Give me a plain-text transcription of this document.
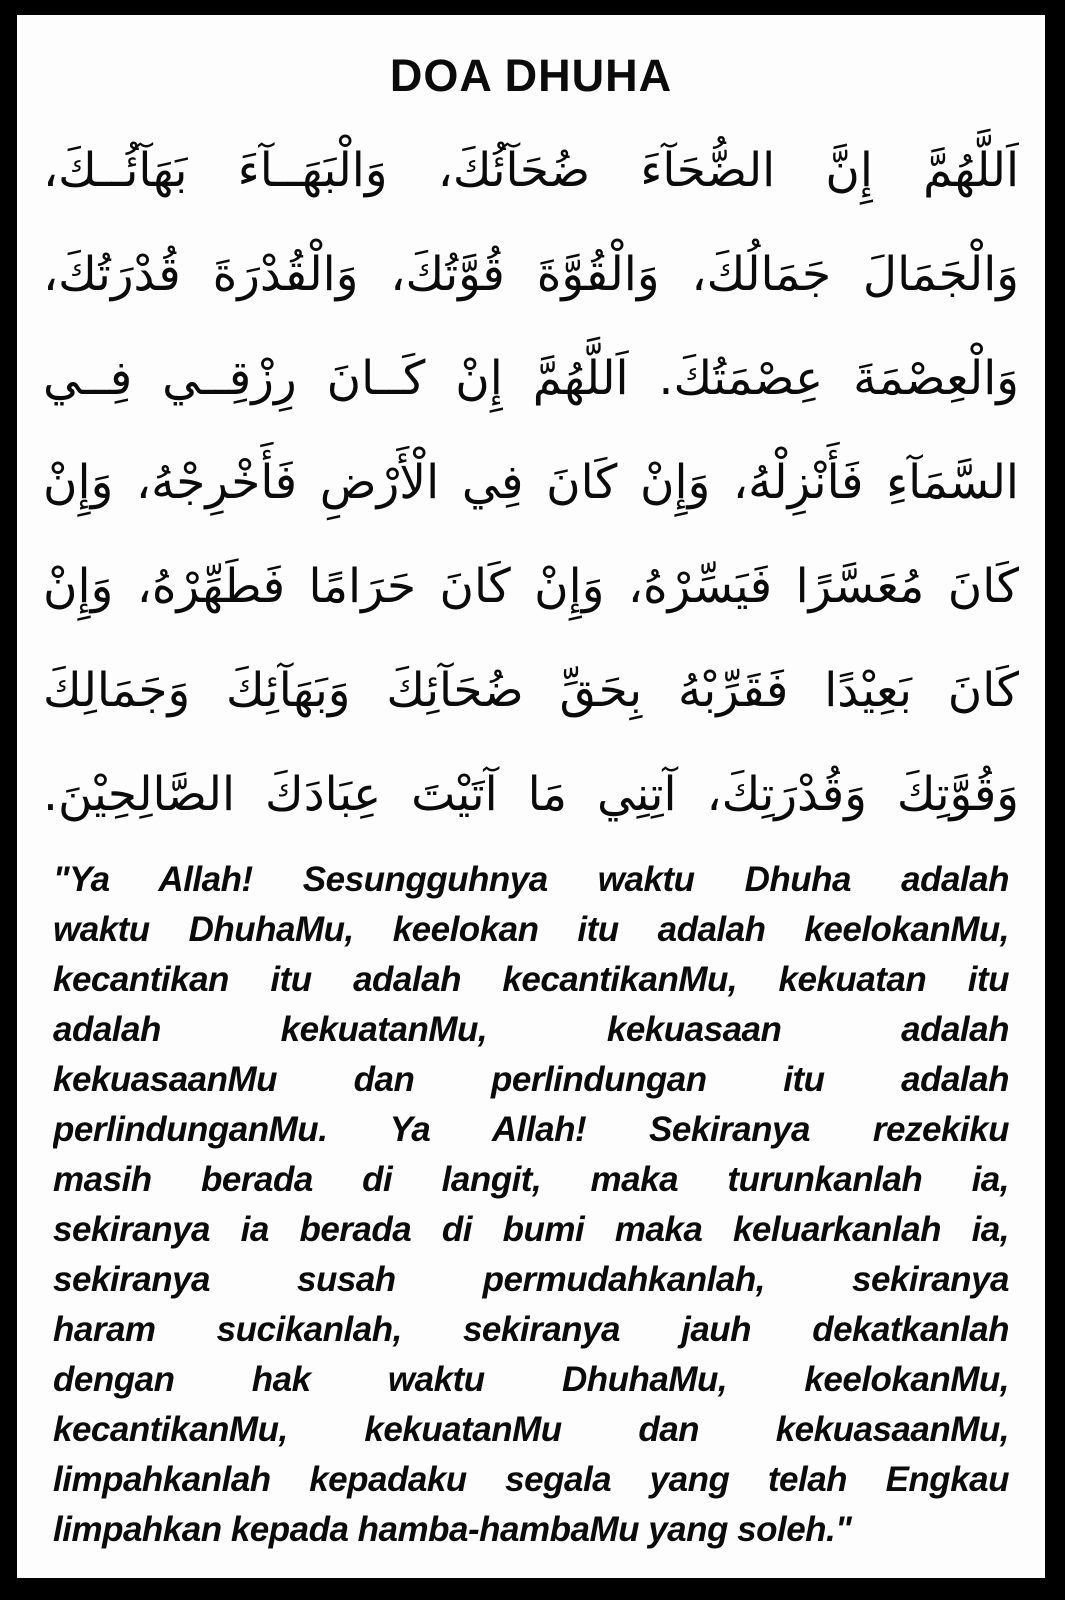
DOA DHUHA
اَللَّهُمَّ إِنَّ الضُّحَآءَ ضُحَآئُكَ، وَالْبَهَــآءَ بَهَآئُــكَ،
وَالْجَمَالَ جَمَالُكَ، وَالْقُوَّةَ قُوَّتُكَ، وَالْقُدْرَةَ قُدْرَتُكَ،
وَالْعِصْمَةَ عِصْمَتُكَ. اَللَّهُمَّ إِنْ كَــانَ رِزْقِــي فِــي
السَّمَآءِ فَأَنْزِلْهُ، وَإِنْ كَانَ فِي الْأَرْضِ فَأَخْرِجْهُ، وَإِنْ
كَانَ مُعَسَّرًا فَيَسِّرْهُ، وَإِنْ كَانَ حَرَامًا فَطَهِّرْهُ، وَإِنْ
كَانَ بَعِيْدًا فَقَرِّبْهُ بِحَقِّ ضُحَآئِكَ وَبَهَآئِكَ وَجَمَالِكَ
وَقُوَّتِكَ وَقُدْرَتِكَ، آتِنِي مَا آتَيْتَ عِبَادَكَ الصَّالِحِيْنَ.
"Ya Allah! Sesungguhnya waktu Dhuha adalah
waktu DhuhaMu, keelokan itu adalah keelokanMu,
kecantikan itu adalah kecantikanMu, kekuatan itu
adalah kekuatanMu, kekuasaan adalah
kekuasaanMu dan perlindungan itu adalah
perlindunganMu. Ya Allah! Sekiranya rezekiku
masih berada di langit, maka turunkanlah ia,
sekiranya ia berada di bumi maka keluarkanlah ia,
sekiranya susah permudahkanlah, sekiranya
haram sucikanlah, sekiranya jauh dekatkanlah
dengan hak waktu DhuhaMu, keelokanMu,
kecantikanMu, kekuatanMu dan kekuasaanMu,
limpahkanlah kepadaku segala yang telah Engkau
limpahkan kepada hamba-hambaMu yang soleh."
